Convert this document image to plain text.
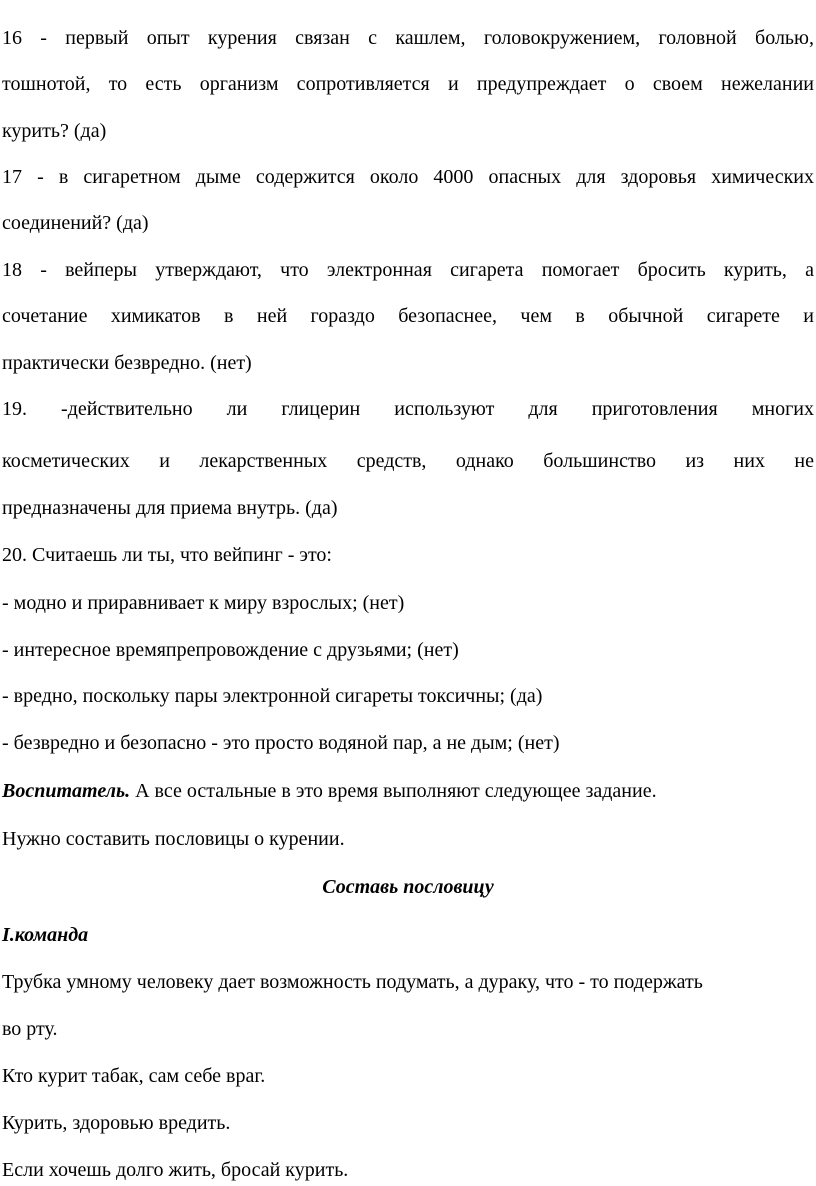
16 - первый опыт курения связан с кашлем, головокружением, головной болью,
тошнотой, то есть организм сопротивляется и предупреждает о своем нежелании
курить? (да)
17 - в сигаретном дыме содержится около 4000 опасных для здоровья химических
соединений? (да)
18 - вейперы утверждают, что электронная сигарета помогает бросить курить, а
сочетание химикатов в ней гораздо безопаснее, чем в обычной сигарете и
практически безвредно. (нет)
19. -действительно ли глицерин используют для приготовления многих
косметических и лекарственных средств, однако большинство из них не
предназначены для приема внутрь. (да)
20. Считаешь ли ты, что вейпинг - это:
- модно и приравнивает к миру взрослых; (нет)
- интересное времяпрепровождение с друзьями; (нет)
- вредно, поскольку пары электронной сигареты токсичны; (да)
- безвредно и безопасно - это просто водяной пар, а не дым; (нет)
Воспитатель. А все остальные в это время выполняют следующее задание.
Нужно составить пословицы о курении.
Составь пословицу
I.команда
Трубка умному человеку дает возможность подумать, а дураку, что - то подержать
во рту.
Кто курит табак, сам себе враг.
Курить, здоровью вредить.
Если хочешь долго жить, бросай курить.
